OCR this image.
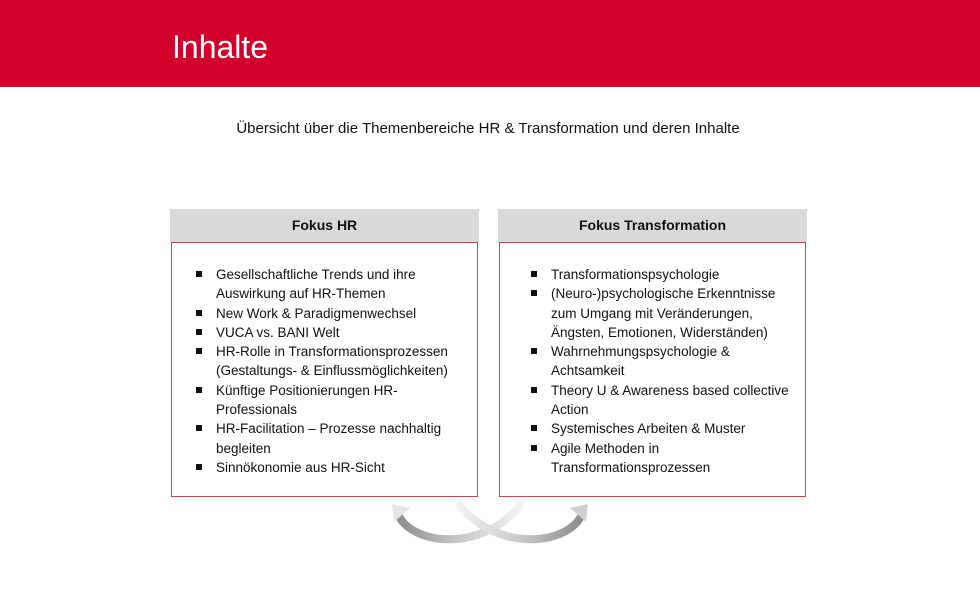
Inhalte
Übersicht über die Themenbereiche HR & Transformation und deren Inhalte
Fokus HR
Gesellschaftliche Trends und ihre Auswirkung auf HR-Themen
New Work & Paradigmenwechsel
VUCA vs. BANI Welt
HR-Rolle in Transformationsprozessen (Gestaltungs- & Einflussmöglichkeiten)
Künftige Positionierungen HR-Professionals
HR-Facilitation – Prozesse nachhaltig begleiten
Sinnökonomie aus HR-Sicht
Fokus Transformation
Transformationspsychologie
(Neuro-)psychologische Erkenntnisse zum Umgang mit Veränderungen, Ängsten, Emotionen, Widerständen)
Wahrnehmungspsychologie & Achtsamkeit
Theory U & Awareness based collective Action
Systemisches Arbeiten & Muster
Agile Methoden in Transformationsprozessen
